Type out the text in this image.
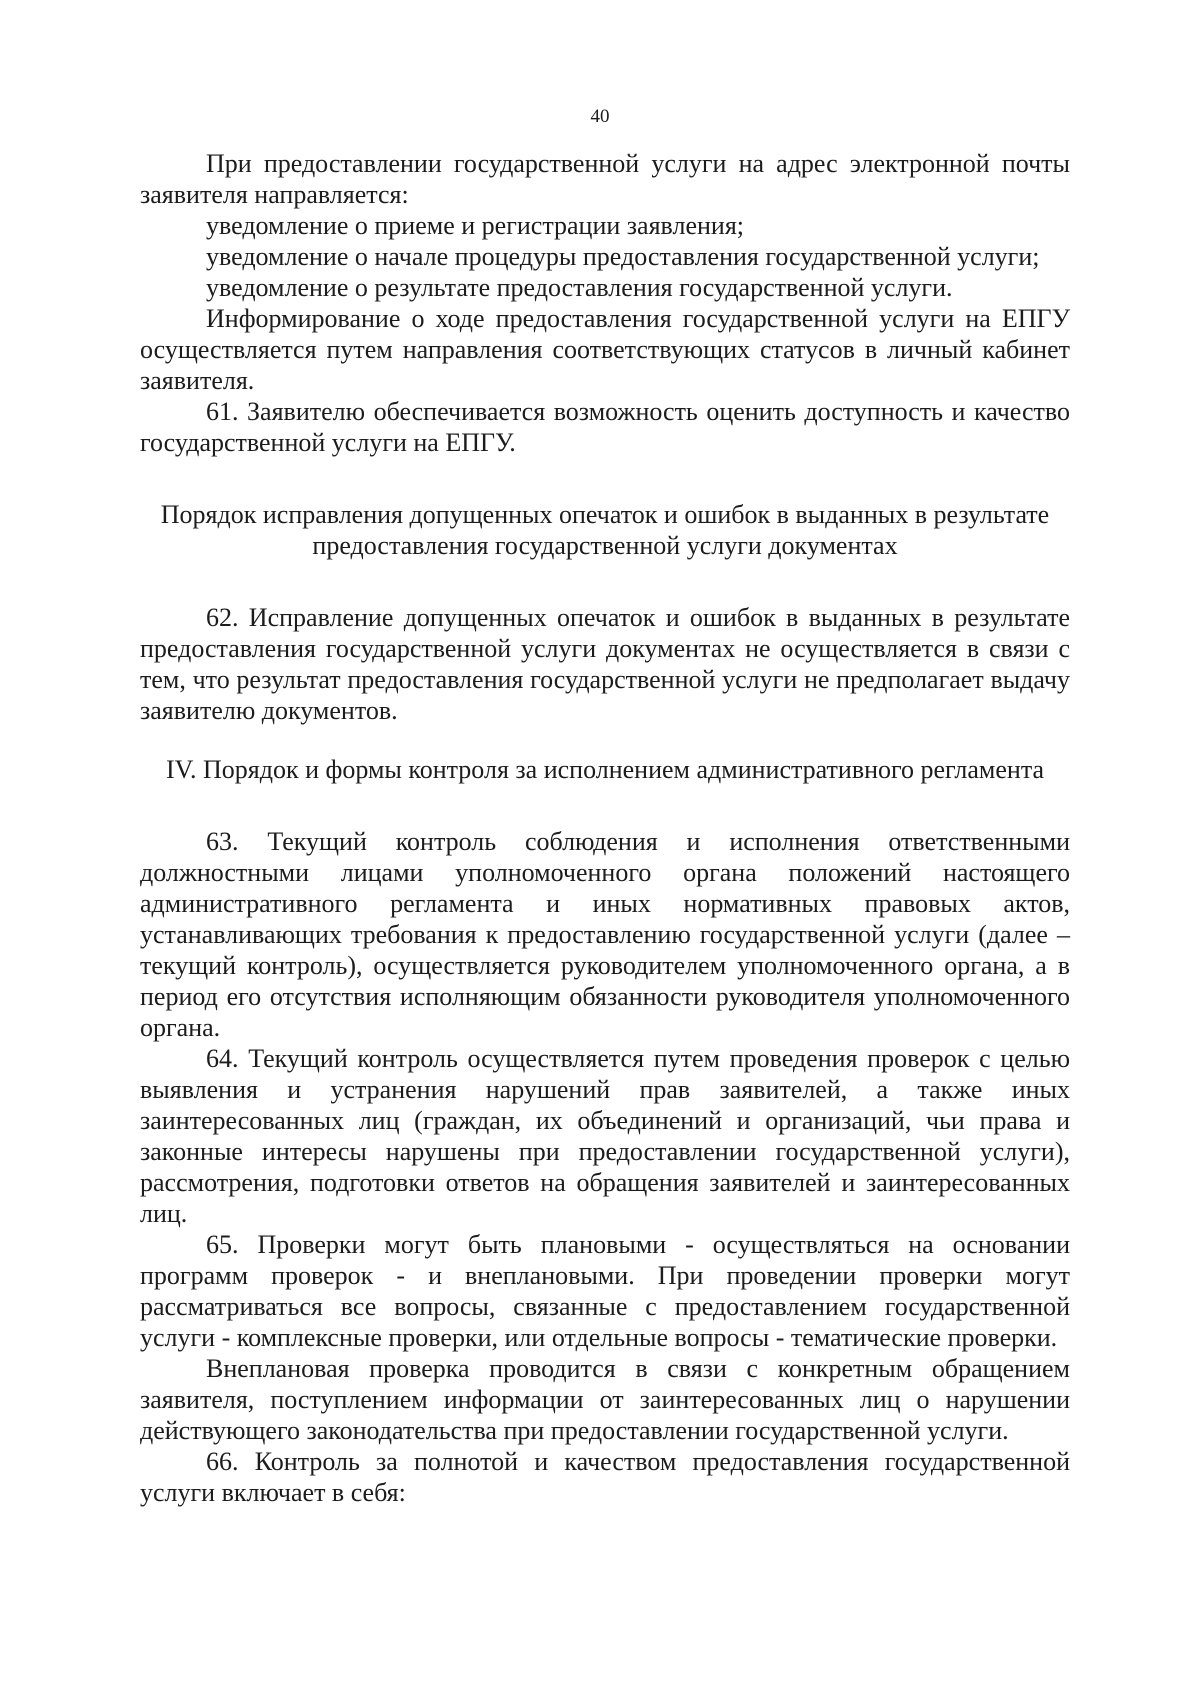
40

При предоставлении государственной услуги на адрес электронной почты заявителя направляется:

уведомление о приеме и регистрации заявления;

уведомление о начале процедуры предоставления государственной услуги;

уведомление о результате предоставления государственной услуги.

Информирование о ходе предоставления государственной услуги на ЕПГУ осуществляется путем направления соответствующих статусов в личный кабинет заявителя.

61. Заявителю обеспечивается возможность оценить доступность и качество государственной услуги на ЕПГУ.

Порядок исправления допущенных опечаток и ошибок в выданных в результате предоставления государственной услуги документах

62. Исправление допущенных опечаток и ошибок в выданных в результате предоставления государственной услуги документах не осуществляется в связи с тем, что результат предоставления государственной услуги не предполагает выдачу заявителю документов.

IV. Порядок и формы контроля за исполнением административного регламента

63. Текущий контроль соблюдения и исполнения ответственными должностными лицами уполномоченного органа положений настоящего административного регламента и иных нормативных правовых актов, устанавливающих требования к предоставлению государственной услуги (далее – текущий контроль), осуществляется руководителем уполномоченного органа, а в период его отсутствия исполняющим обязанности руководителя уполномоченного органа.

64. Текущий контроль осуществляется путем проведения проверок с целью выявления и устранения нарушений прав заявителей, а также иных заинтересованных лиц (граждан, их объединений и организаций, чьи права и законные интересы нарушены при предоставлении государственной услуги), рассмотрения, подготовки ответов на обращения заявителей и заинтересованных лиц.

65. Проверки могут быть плановыми - осуществляться на основании программ проверок - и внеплановыми. При проведении проверки могут рассматриваться все вопросы, связанные с предоставлением государственной услуги - комплексные проверки, или отдельные вопросы - тематические проверки.

Внеплановая проверка проводится в связи с конкретным обращением заявителя, поступлением информации от заинтересованных лиц о нарушении действующего законодательства при предоставлении государственной услуги.

66. Контроль за полнотой и качеством предоставления государственной услуги включает в себя:
